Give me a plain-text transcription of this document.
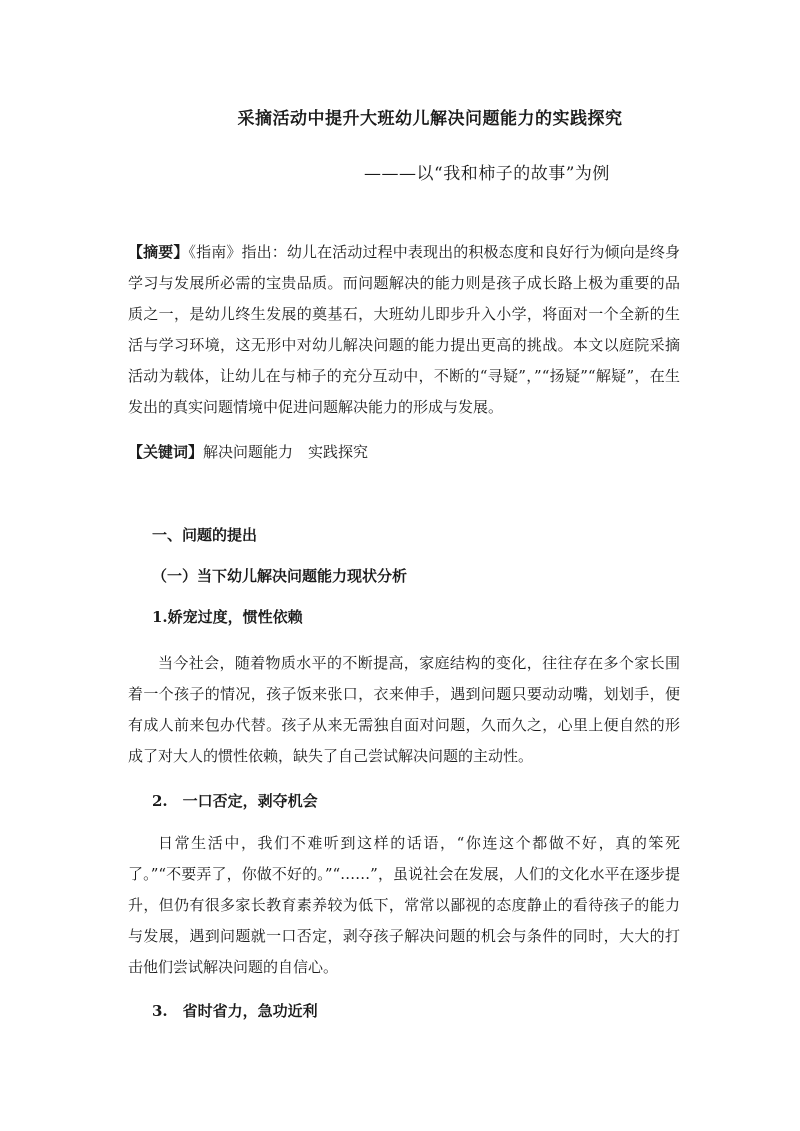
采摘活动中提升大班幼儿解决问题能力的实践探究
———以“我和柿子的故事”为例

【摘要】《指南》指出：幼儿在活动过程中表现出的积极态度和良好行为倾向是终身学习与发展所必需的宝贵品质。而问题解决的能力则是孩子成长路上极为重要的品质之一，是幼儿终生发展的奠基石，大班幼儿即步升入小学，将面对一个全新的生活与学习环境，这无形中对幼儿解决问题的能力提出更高的挑战。本文以庭院采摘活动为载体，让幼儿在与柿子的充分互动中，不断的“寻疑”，”“扬疑”“解疑”，在生发出的真实问题情境中促进问题解决能力的形成与发展。

【关键词】解决问题能力　实践探究

一、问题的提出

（一）当下幼儿解决问题能力现状分析

1.娇宠过度，惯性依赖

当今社会，随着物质水平的不断提高，家庭结构的变化，往往存在多个家长围着一个孩子的情况，孩子饭来张口，衣来伸手，遇到问题只要动动嘴，划划手，便有成人前来包办代替。孩子从来无需独自面对问题，久而久之，心里上便自然的形成了对大人的惯性依赖，缺失了自己尝试解决问题的主动性。

2.　一口否定，剥夺机会

日常生活中，我们不难听到这样的话语，“你连这个都做不好，真的笨死了。”“不要弄了，你做不好的。”“……”，虽说社会在发展，人们的文化水平在逐步提升，但仍有很多家长教育素养较为低下，常常以鄙视的态度静止的看待孩子的能力与发展，遇到问题就一口否定，剥夺孩子解决问题的机会与条件的同时，大大的打击他们尝试解决问题的自信心。

3.　省时省力，急功近利
